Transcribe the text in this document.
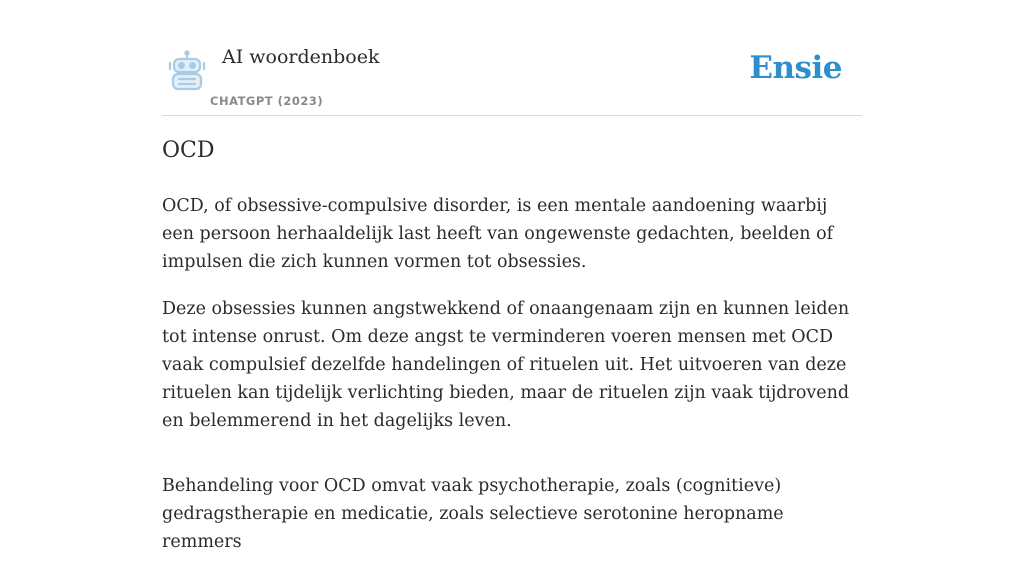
AI woordenboek
CHATGPT (2023)
Ensie
OCD

OCD, of obsessive-compulsive disorder, is een mentale aandoening waarbij een persoon herhaaldelijk last heeft van ongewenste gedachten, beelden of impulsen die zich kunnen vormen tot obsessies.

Deze obsessies kunnen angstwekkend of onaangenaam zijn en kunnen leiden tot intense onrust. Om deze angst te verminderen voeren mensen met OCD vaak compulsief dezelfde handelingen of rituelen uit. Het uitvoeren van deze rituelen kan tijdelijk verlichting bieden, maar de rituelen zijn vaak tijdrovend en belemmerend in het dagelijks leven.

Behandeling voor OCD omvat vaak psychotherapie, zoals (cognitieve) gedragstherapie en medicatie, zoals selectieve serotonine heropname remmers
